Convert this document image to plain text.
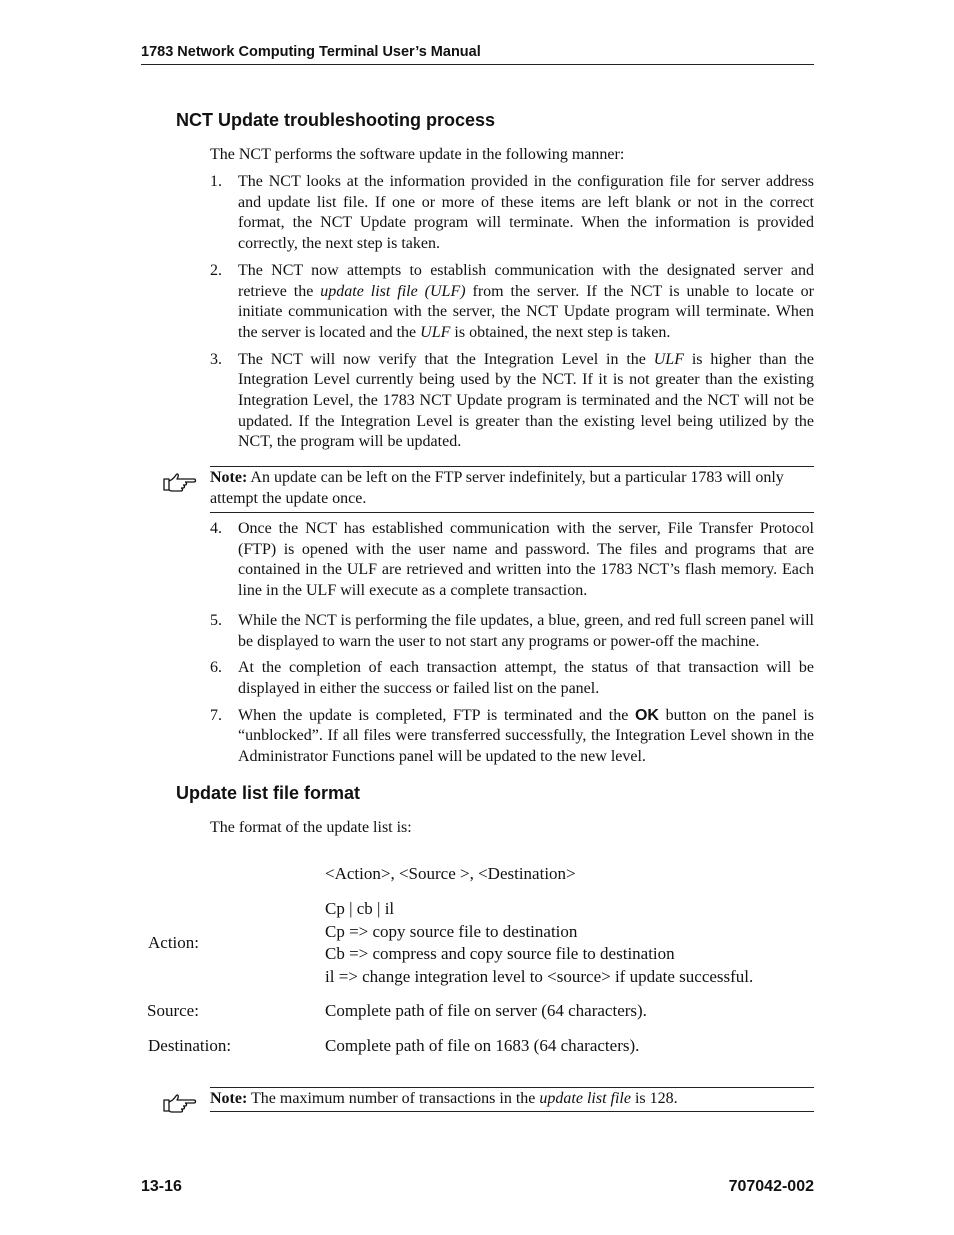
1783 Network Computing Terminal User’s Manual
NCT Update troubleshooting process
The NCT performs the software update in the following manner:
1. The NCT looks at the information provided in the configuration file for server address and update list file. If one or more of these items are left blank or not in the correct format, the NCT Update program will terminate. When the information is provided correctly, the next step is taken.
2. The NCT now attempts to establish communication with the designated server and retrieve the update list file (ULF) from the server. If the NCT is unable to locate or initiate communication with the server, the NCT Update program will terminate. When the server is located and the ULF is obtained, the next step is taken.
3. The NCT will now verify that the Integration Level in the ULF is higher than the Integration Level currently being used by the NCT. If it is not greater than the existing Integration Level, the 1783 NCT Update program is terminated and the NCT will not be updated. If the Integration Level is greater than the existing level being utilized by the NCT, the program will be updated.
Note: An update can be left on the FTP server indefinitely, but a particular 1783 will only attempt the update once.
4. Once the NCT has established communication with the server, File Transfer Protocol (FTP) is opened with the user name and password. The files and programs that are contained in the ULF are retrieved and written into the 1783 NCT’s flash memory. Each line in the ULF will execute as a complete transaction.
5. While the NCT is performing the file updates, a blue, green, and red full screen panel will be displayed to warn the user to not start any programs or power-off the machine.
6. At the completion of each transaction attempt, the status of that transaction will be displayed in either the success or failed list on the panel.
7. When the update is completed, FTP is terminated and the OK button on the panel is “unblocked”. If all files were transferred successfully, the Integration Level shown in the Administrator Functions panel will be updated to the new level.
Update list file format
The format of the update list is:
<Action>, <Source >, <Destination>
Action:
Cp | cb | il
Cp => copy source file to destination
Cb => compress and copy source file to destination
il => change integration level to <source> if update successful.
Source:	Complete path of file on server (64 characters).
Destination:	Complete path of file on 1683 (64 characters).
Note: The maximum number of transactions in the update list file is 128.
13-16	707042-002
